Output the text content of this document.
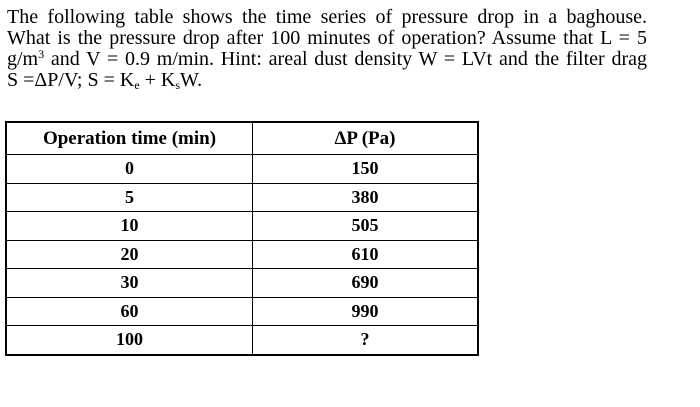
The following table shows the time series of pressure drop in a baghouse.
What is the pressure drop after 100 minutes of operation? Assume that L = 5
$g/m^3$ and V = 0.9 m/min. Hint: areal dust density W = LVt and the filter drag
S =ΔP/V; $S = K_e + K_sW$.
Operation time (min)	ΔP (Pa)
0	150
5	380
10	505
20	610
30	690
60	990
100	?
